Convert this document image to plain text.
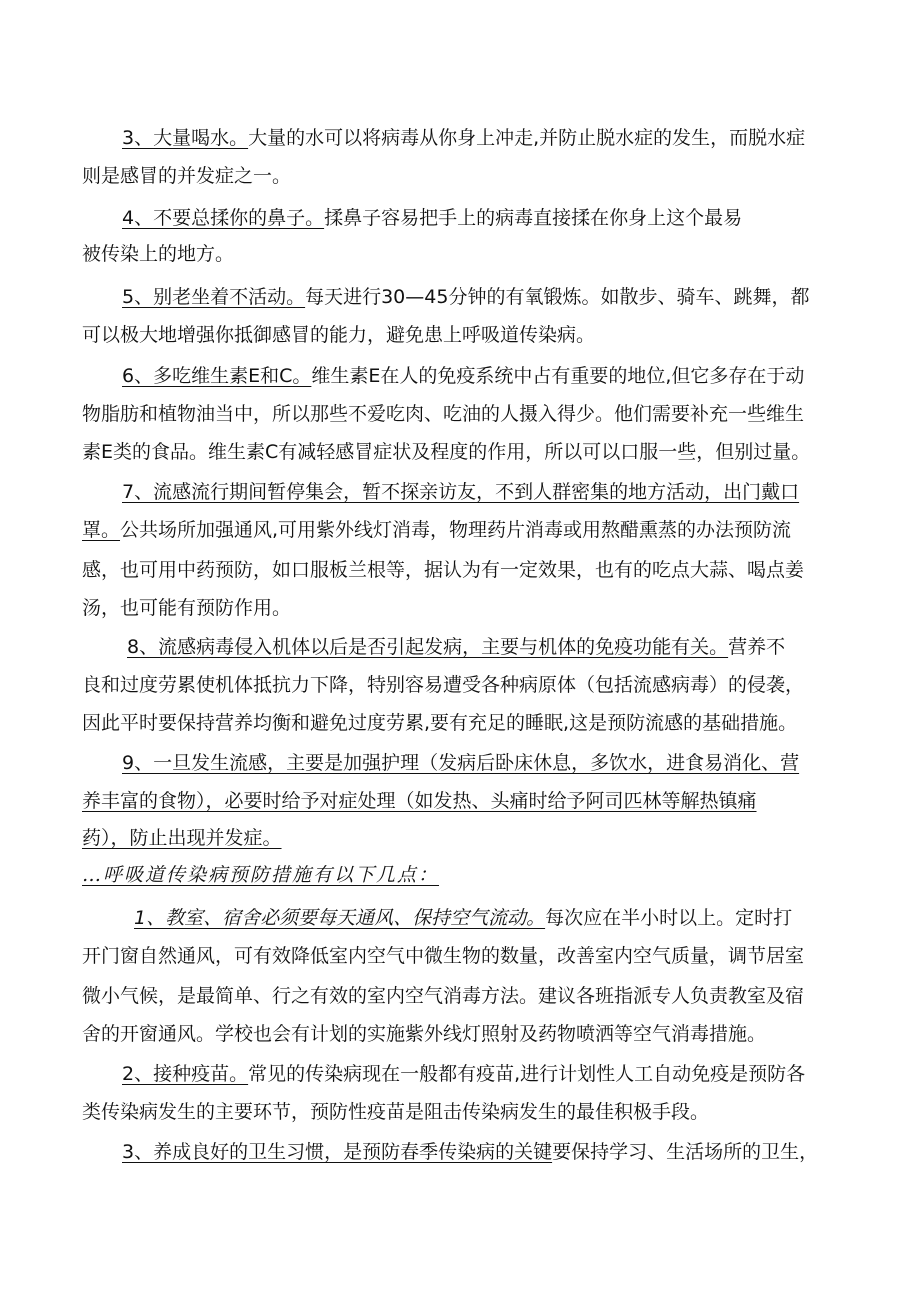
3、大量喝水。大量的水可以将病毒从你身上冲走,并防止脱水症的发生，而脱水症
则是感冒的并发症之一。
4、不要总揉你的鼻子。揉鼻子容易把手上的病毒直接揉在你身上这个最易
被传染上的地方。
5、别老坐着不活动。每天进行30—45分钟的有氧锻炼。如散步、骑车、跳舞，都
可以极大地增强你抵御感冒的能力，避免患上呼吸道传染病。
6、多吃维生素E和C。维生素E在人的免疫系统中占有重要的地位,但它多存在于动
物脂肪和植物油当中，所以那些不爱吃肉、吃油的人摄入得少。他们需要补充一些维生
素E类的食品。维生素C有减轻感冒症状及程度的作用，所以可以口服一些，但别过量。
7、流感流行期间暂停集会，暂不探亲访友，不到人群密集的地方活动，出门戴口
罩。公共场所加强通风,可用紫外线灯消毒，物理药片消毒或用熬醋熏蒸的办法预防流
感，也可用中药预防，如口服板兰根等，据认为有一定效果，也有的吃点大蒜、喝点姜
汤，也可能有预防作用。
8、流感病毒侵入机体以后是否引起发病，主要与机体的免疫功能有关。营养不
良和过度劳累使机体抵抗力下降，特别容易遭受各种病原体（包括流感病毒）的侵袭，
因此平时要保持营养均衡和避免过度劳累,要有充足的睡眠,这是预防流感的基础措施。
9、一旦发生流感，主要是加强护理（发病后卧床休息，多饮水，进食易消化、营
养丰富的食物），必要时给予对症处理（如发热、头痛时给予阿司匹林等解热镇痛
药），防止出现并发症。
…呼吸道传染病预防措施有以下几点：
1、教室、宿舍必须要每天通风、保持空气流动。每次应在半小时以上。定时打
开门窗自然通风，可有效降低室内空气中微生物的数量，改善室内空气质量，调节居室
微小气候，是最简单、行之有效的室内空气消毒方法。建议各班指派专人负责教室及宿
舍的开窗通风。学校也会有计划的实施紫外线灯照射及药物喷洒等空气消毒措施。
2、接种疫苗。常见的传染病现在一般都有疫苗,进行计划性人工自动免疫是预防各
类传染病发生的主要环节，预防性疫苗是阻击传染病发生的最佳积极手段。
3、养成良好的卫生习惯，是预防春季传染病的关键要保持学习、生活场所的卫生，
